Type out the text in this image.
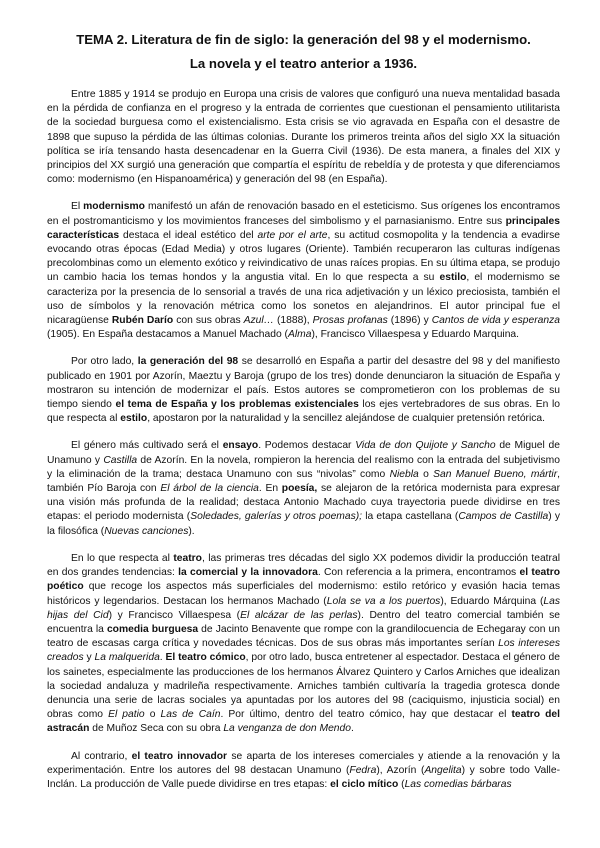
TEMA 2. Literatura de fin de siglo: la generación del 98 y el modernismo.
La novela y el teatro anterior a 1936.

Entre 1885 y 1914 se produjo en Europa una crisis de valores que configuró una nueva mentalidad basada en la pérdida de confianza en el progreso y la entrada de corrientes que cuestionan el pensamiento utilitarista de la sociedad burguesa como el existencialismo. Esta crisis se vio agravada en España con el desastre de 1898 que supuso la pérdida de las últimas colonias. Durante los primeros treinta años del siglo XX la situación política se iría tensando hasta desencadenar en la Guerra Civil (1936). De esta manera, a finales del XIX y principios del XX surgió una generación que compartía el espíritu de rebeldía y de protesta y que diferenciamos como: modernismo (en Hispanoamérica) y generación del 98 (en España).

El modernismo manifestó un afán de renovación basado en el esteticismo. Sus orígenes los encontramos en el postromanticismo y los movimientos franceses del simbolismo y el parnasianismo. Entre sus principales características destaca el ideal estético del arte por el arte, su actitud cosmopolita y la tendencia a evadirse evocando otras épocas (Edad Media) y otros lugares (Oriente). También recuperaron las culturas indígenas precolombinas como un elemento exótico y reivindicativo de unas raíces propias. En su última etapa, se produjo un cambio hacia los temas hondos y la angustia vital. En lo que respecta a su estilo, el modernismo se caracteriza por la presencia de lo sensorial a través de una rica adjetivación y un léxico preciosista, también el uso de símbolos y la renovación métrica como los sonetos en alejandrinos. El autor principal fue el nicaragüense Rubén Darío con sus obras Azul… (1888), Prosas profanas (1896) y Cantos de vida y esperanza (1905). En España destacamos a Manuel Machado (Alma), Francisco Villaespesa y Eduardo Marquina.

Por otro lado, la generación del 98 se desarrolló en España a partir del desastre del 98 y del manifiesto publicado en 1901 por Azorín, Maeztu y Baroja (grupo de los tres) donde denunciaron la situación de España y mostraron su intención de modernizar el país. Estos autores se comprometieron con los problemas de su tiempo siendo el tema de España y los problemas existenciales los ejes vertebradores de sus obras. En lo que respecta al estilo, apostaron por la naturalidad y la sencillez alejándose de cualquier pretensión retórica.

El género más cultivado será el ensayo. Podemos destacar Vida de don Quijote y Sancho de Miguel de Unamuno y Castilla de Azorín. En la novela, rompieron la herencia del realismo con la entrada del subjetivismo y la eliminación de la trama; destaca Unamuno con sus “nivolas” como Niebla o San Manuel Bueno, mártir, también Pío Baroja con El árbol de la ciencia. En poesía, se alejaron de la retórica modernista para expresar una visión más profunda de la realidad; destaca Antonio Machado cuya trayectoria puede dividirse en tres etapas: el periodo modernista (Soledades, galerías y otros poemas); la etapa castellana (Campos de Castilla) y la filosófica (Nuevas canciones).

En lo que respecta al teatro, las primeras tres décadas del siglo XX podemos dividir la producción teatral en dos grandes tendencias: la comercial y la innovadora. Con referencia a la primera, encontramos el teatro poético que recoge los aspectos más superficiales del modernismo: estilo retórico y evasión hacia temas históricos y legendarios. Destacan los hermanos Machado (Lola se va a los puertos), Eduardo Márquina (Las hijas del Cid) y Francisco Villaespesa (El alcázar de las perlas). Dentro del teatro comercial también se encuentra la comedia burguesa de Jacinto Benavente que rompe con la grandilocuencia de Echegaray con un teatro de escasas carga crítica y novedades técnicas. Dos de sus obras más importantes serían Los intereses creados y La malquerida. El teatro cómico, por otro lado, busca entretener al espectador. Destaca el género de los sainetes, especialmente las producciones de los hermanos Álvarez Quintero y Carlos Arniches que idealizan la sociedad andaluza y madrileña respectivamente. Arniches también cultivaría la tragedia grotesca donde denuncia una serie de lacras sociales ya apuntadas por los autores del 98 (caciquismo, injusticia social) en obras como El patio o Las de Caín. Por último, dentro del teatro cómico, hay que destacar el teatro del astracán de Muñoz Seca con su obra La venganza de don Mendo.

Al contrario, el teatro innovador se aparta de los intereses comerciales y atiende a la renovación y la experimentación. Entre los autores del 98 destacan Unamuno (Fedra), Azorín (Angelita) y sobre todo Valle-Inclán. La producción de Valle puede dividirse en tres etapas: el ciclo mítico (Las comedias bárbaras
